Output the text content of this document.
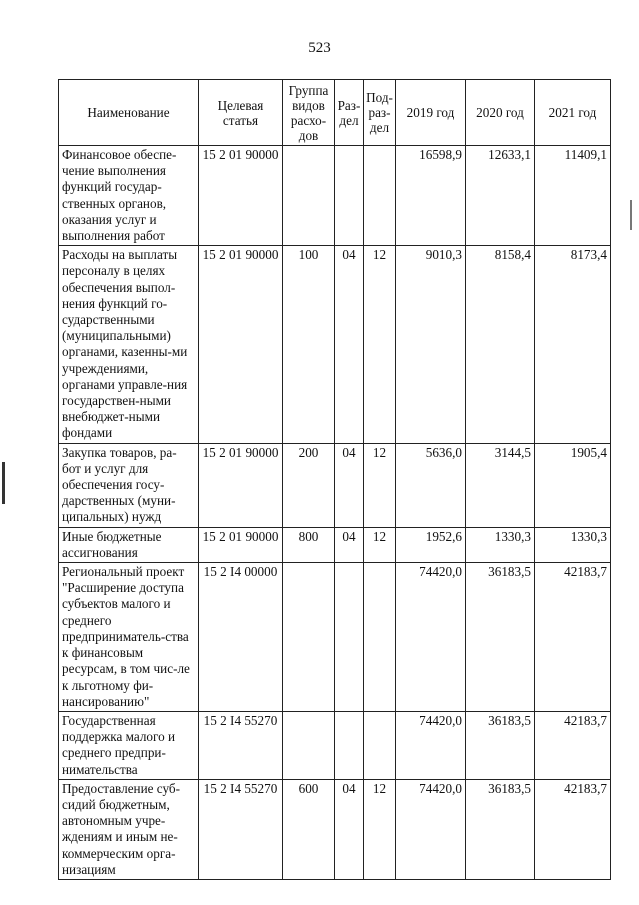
523
Наименование	Целевая статья	Группа видов расхо-дов	Раз-дел	Под-раз-дел	2019 год	2020 год	2021 год
Финансовое обеспе-чение выполнения функций государ-ственных органов, оказания услуг и выполнения работ	15 2 01 90000				16598,9	12633,1	11409,1
Расходы на выплаты персоналу в целях обеспечения выпол-нения функций го-сударственными (муниципальными) органами, казенны-ми учреждениями, органами управле-ния государствен-ными внебюджет-ными фондами	15 2 01 90000	100	04	12	9010,3	8158,4	8173,4
Закупка товаров, ра-бот и услуг для обеспечения госу-дарственных (муни-ципальных) нужд	15 2 01 90000	200	04	12	5636,0	3144,5	1905,4
Иные бюджетные ассигнования	15 2 01 90000	800	04	12	1952,6	1330,3	1330,3
Региональный проект "Расширение доступа субъектов малого и среднего предприниматель-ства к финансовым ресурсам, в том чис-ле к льготному фи-нансированию"	15 2 I4 00000				74420,0	36183,5	42183,7
Государственная поддержка малого и среднего предпри-нимательства	15 2 I4 55270				74420,0	36183,5	42183,7
Предоставление суб-сидий бюджетным, автономным учре-ждениям и иным не-коммерческим орга-низациям	15 2 I4 55270	600	04	12	74420,0	36183,5	42183,7
